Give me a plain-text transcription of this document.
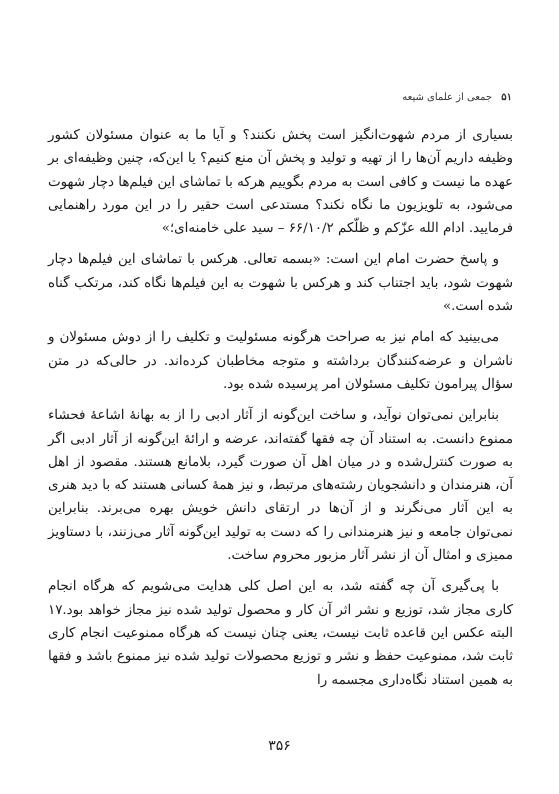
۵۱ جمعی از علمای شیعه

بسیاری از مردم شهوت‌انگیز است پخش نکنند؟ و آیا ما به عنوان مسئولان کشور وظیفه داریم آن‌ها را از تهیه و تولید و پخش آن منع کنیم؟ یا این‌که، چنین وظیفه‌ای بر عهده ما نیست و کافی است به مردم بگوییم هرکه با تماشای این فیلم‌ها دچار شهوت می‌شود، به تلویزیون ما نگاه نکند؟ مستدعی است حقیر را در این مورد راهنمایی فرمایید. ادام الله عزّکم و ظلّکم ۶۶/۱۰/۲ – سید علی خامنه‌ای؛»

و پاسخ حضرت امام این است: «بسمه تعالی. هرکس با تماشای این فیلم‌ها دچار شهوت شود، باید اجتناب کند و هرکس با شهوت به این فیلم‌ها نگاه کند، مرتکب گناه شده است.»

می‌بینید که امام نیز به صراحت هرگونه مسئولیت و تکلیف را از دوش مسئولان و ناشران و عرضه‌کنندگان برداشته و متوجه مخاطبان کرده‌اند. در حالی‌که در متن سؤال پیرامون تکلیف مسئولان امر پرسیده شده بود.

بنابراین نمی‌توان نوآید، و ساخت این‌گونه از آثار ادبی را از به بهانهٔ اشاعهٔ فحشاء ممنوع دانست. به استناد آن چه فقها گفته‌اند، عرضه و ارائهٔ این‌گونه از آثار ادبی اگر به صورت کنترل‌شده و در میان اهل آن صورت گیرد، بلامانع هستند. مقصود از اهل آن، هنرمندان و دانشجویان رشته‌های مرتبط، و نیز همهٔ کسانی هستند که با دید هنری به این آثار می‌نگرند و از آن‌ها در ارتقای دانش خویش بهره می‌برند. بنابراین نمی‌توان جامعه و نیز هنرمندانی را که دست به تولید این‌گونه آثار می‌زنند، با دستاویز ممیزی و امثال آن از نشر آثار مزبور محروم ساخت.

با پی‌گیری آن چه گفته شد، به این اصل کلی هدایت می‌شویم که هرگاه انجام کاری مجاز شد، توزیع و نشر اثر آن کار و محصول تولید شده نیز مجاز خواهد بود.۱۷ البته عکس این قاعده ثابت نیست، یعنی چنان نیست که هرگاه ممنوعیت انجام کاری ثابت شد، ممنوعیت حفظ و نشر و توزیع محصولات تولید شده نیز ممنوع باشد و فقها به همین استناد نگاه‌داری مجسمه را

۳۵۶
